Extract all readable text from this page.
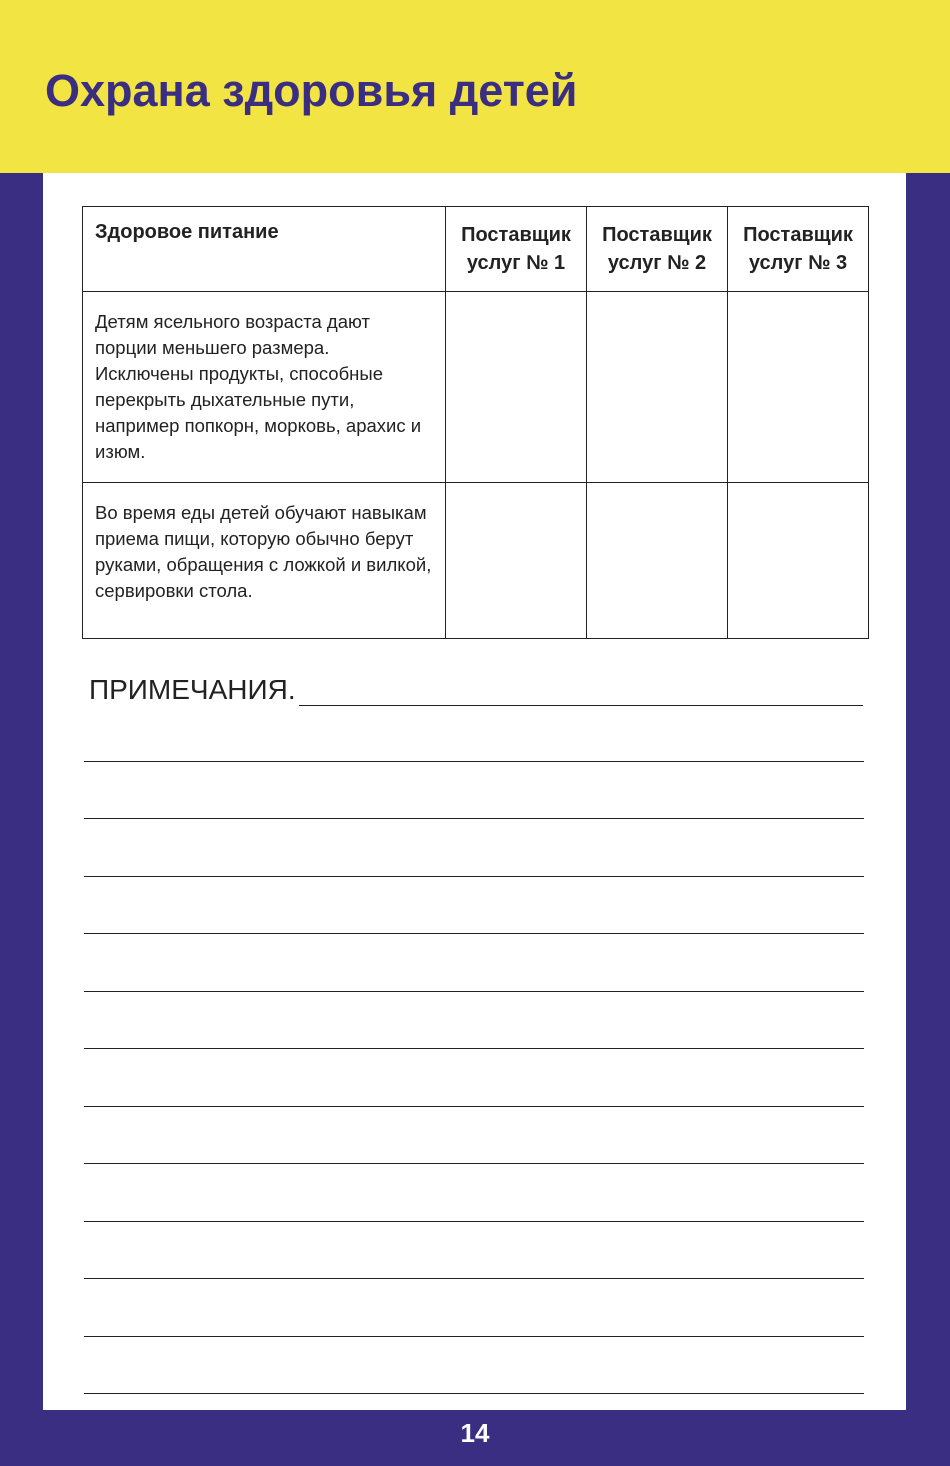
Охрана здоровья детей
Здоровое питание	Поставщик услуг № 1	Поставщик услуг № 2	Поставщик услуг № 3
Детям ясельного возраста дают порции меньшего размера. Исключены продукты, способные перекрыть дыхательные пути, например попкорн, морковь, арахис и изюм.			
Во время еды детей обучают навыкам приема пищи, которую обычно берут руками, обращения с ложкой и вилкой, сервировки стола.			
ПРИМЕЧАНИЯ.
14
